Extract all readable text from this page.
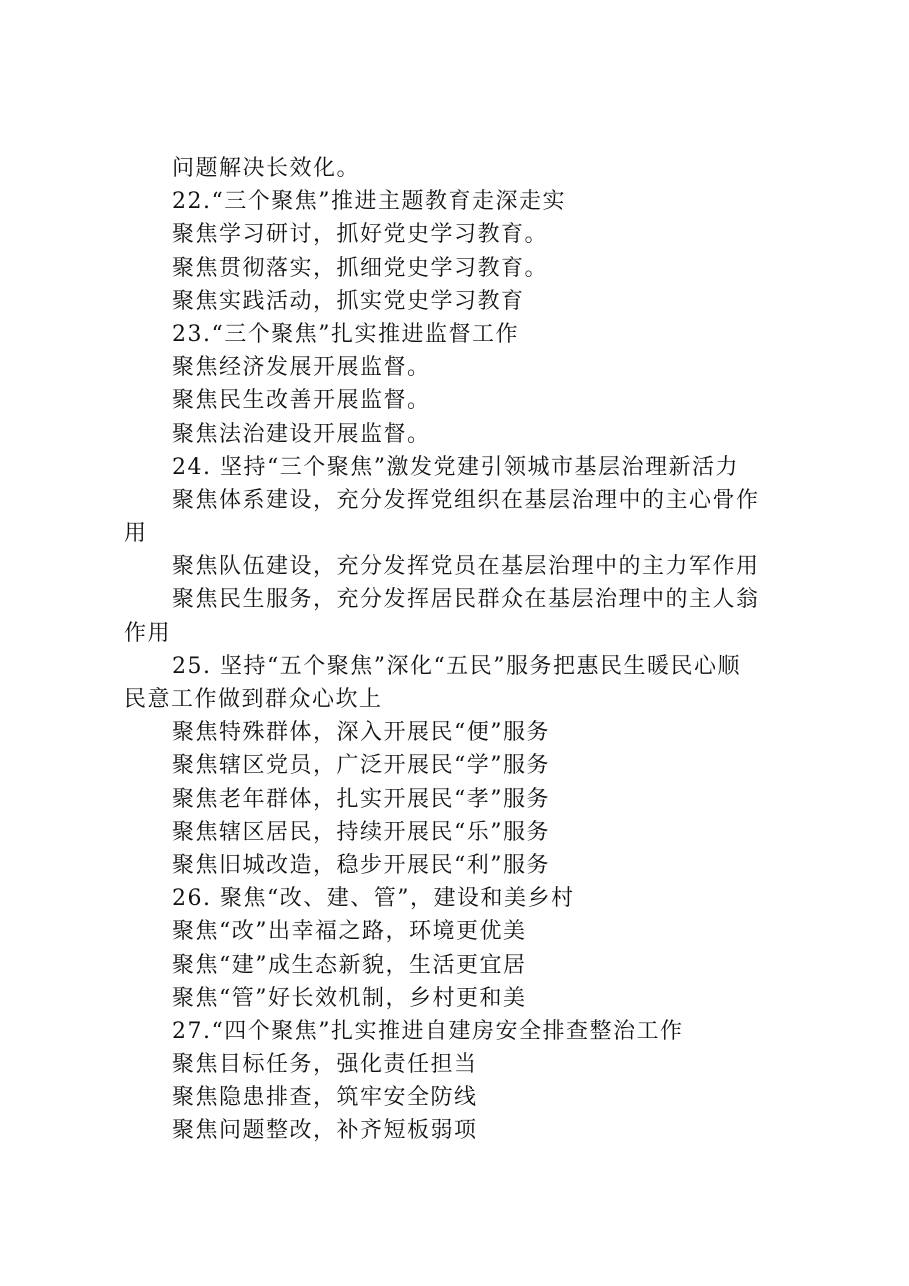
问题解决长效化。
22.“三个聚焦”推进主题教育走深走实
聚焦学习研讨，抓好党史学习教育。
聚焦贯彻落实，抓细党史学习教育。
聚焦实践活动，抓实党史学习教育
23.“三个聚焦”扎实推进监督工作
聚焦经济发展开展监督。
聚焦民生改善开展监督。
聚焦法治建设开展监督。
24. 坚持“三个聚焦”激发党建引领城市基层治理新活力
聚焦体系建设，充分发挥党组织在基层治理中的主心骨作
用
聚焦队伍建设，充分发挥党员在基层治理中的主力军作用
聚焦民生服务，充分发挥居民群众在基层治理中的主人翁
作用
25. 坚持“五个聚焦”深化“五民”服务把惠民生暖民心顺
民意工作做到群众心坎上
聚焦特殊群体，深入开展民“便”服务
聚焦辖区党员，广泛开展民“学”服务
聚焦老年群体，扎实开展民“孝”服务
聚焦辖区居民，持续开展民“乐”服务
聚焦旧城改造，稳步开展民“利”服务
26. 聚焦“改、建、管”，建设和美乡村
聚焦“改”出幸福之路，环境更优美
聚焦“建”成生态新貌，生活更宜居
聚焦“管”好长效机制，乡村更和美
27.“四个聚焦”扎实推进自建房安全排查整治工作
聚焦目标任务，强化责任担当
聚焦隐患排查，筑牢安全防线
聚焦问题整改，补齐短板弱项
